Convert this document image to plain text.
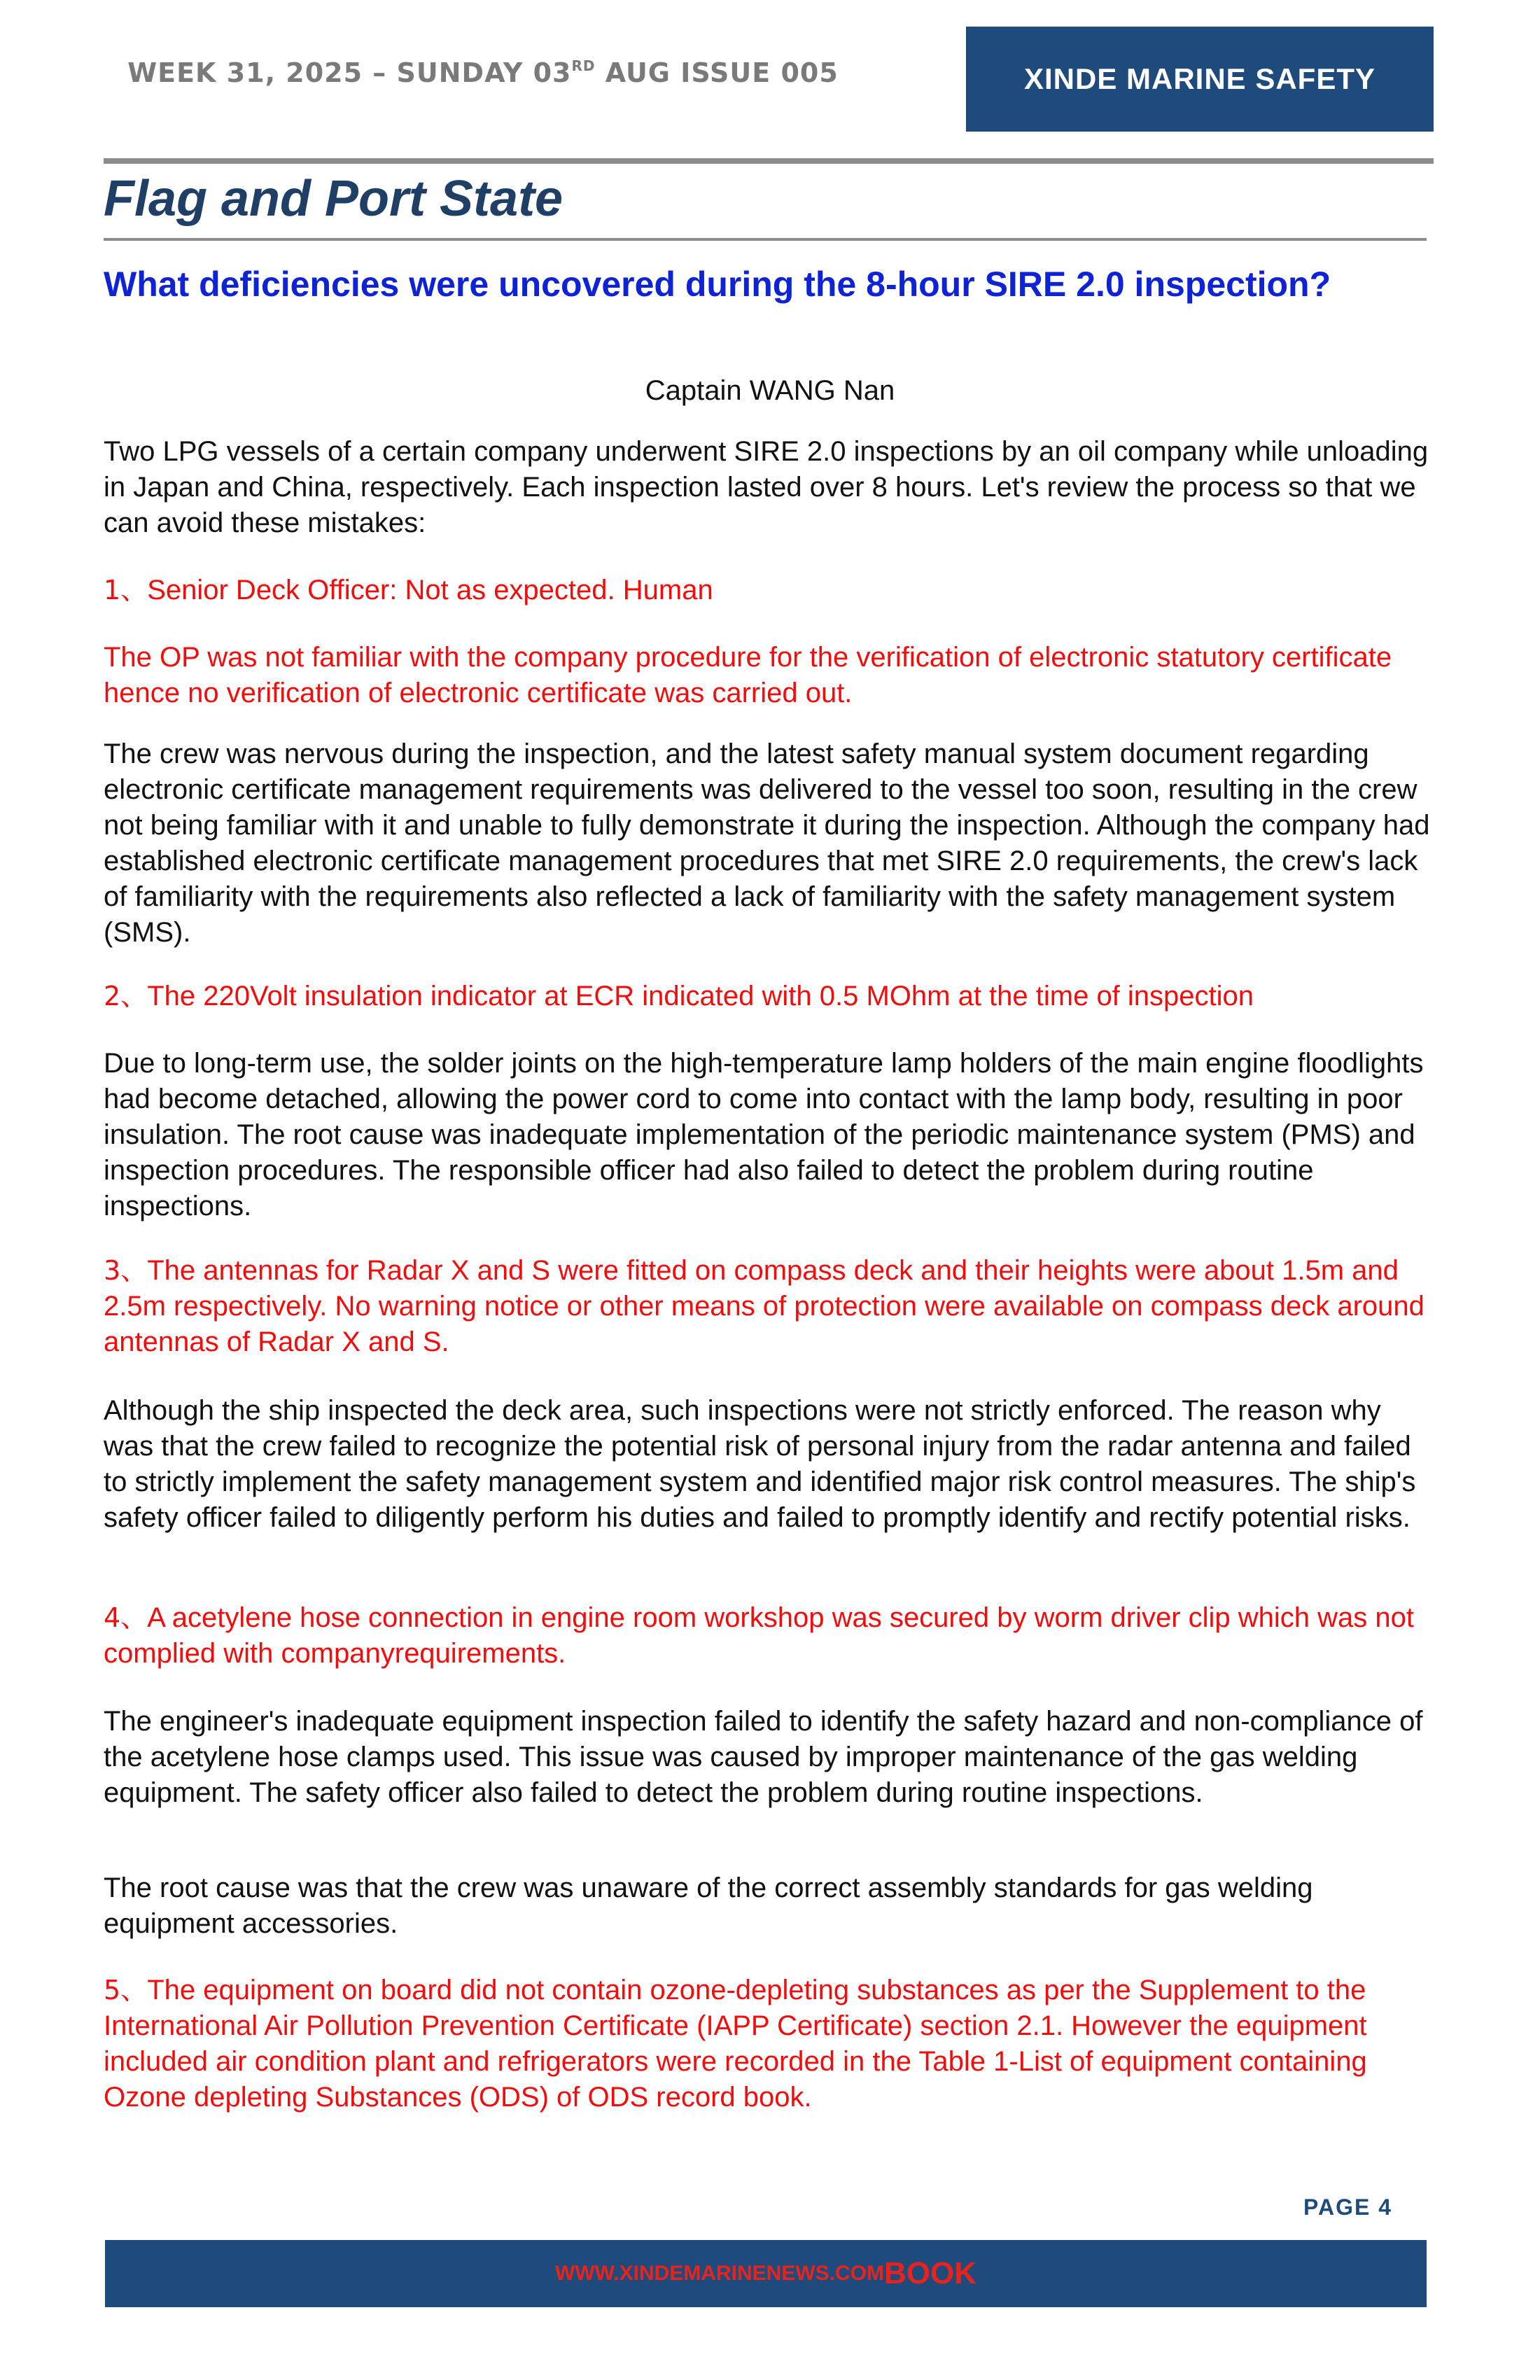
WEEK 31, 2025 – SUNDAY 03RD AUG ISSUE 005	XINDE MARINE SAFETY
Flag and Port State
What deficiencies were uncovered during the 8-hour SIRE 2.0 inspection?
Captain WANG Nan
Two LPG vessels of a certain company underwent SIRE 2.0 inspections by an oil company while unloading in Japan and China, respectively. Each inspection lasted over 8 hours. Let's review the process so that we can avoid these mistakes:
1、Senior Deck Officer: Not as expected. Human
The OP was not familiar with the company procedure for the verification of electronic statutory certificate hence no verification of electronic certificate was carried out.
The crew was nervous during the inspection, and the latest safety manual system document regarding electronic certificate management requirements was delivered to the vessel too soon, resulting in the crew not being familiar with it and unable to fully demonstrate it during the inspection. Although the company had established electronic certificate management procedures that met SIRE 2.0 requirements, the crew's lack of familiarity with the requirements also reflected a lack of familiarity with the safety management system (SMS).
2、The 220Volt insulation indicator at ECR indicated with 0.5 MOhm at the time of inspection
Due to long-term use, the solder joints on the high-temperature lamp holders of the main engine floodlights had become detached, allowing the power cord to come into contact with the lamp body, resulting in poor insulation. The root cause was inadequate implementation of the periodic maintenance system (PMS) and inspection procedures. The responsible officer had also failed to detect the problem during routine inspections.
3、The antennas for Radar X and S were fitted on compass deck and their heights were about 1.5m and 2.5m respectively. No warning notice or other means of protection were available on compass deck around antennas of Radar X and S.
Although the ship inspected the deck area, such inspections were not strictly enforced. The reason why was that the crew failed to recognize the potential risk of personal injury from the radar antenna and failed to strictly implement the safety management system and identified major risk control measures. The ship's safety officer failed to diligently perform his duties and failed to promptly identify and rectify potential risks.
4、A acetylene hose connection in engine room workshop was secured by worm driver clip which was not complied with companyrequirements.
The engineer's inadequate equipment inspection failed to identify the safety hazard and non-compliance of the acetylene hose clamps used. This issue was caused by improper maintenance of the gas welding equipment. The safety officer also failed to detect the problem during routine inspections.
The root cause was that the crew was unaware of the correct assembly standards for gas welding equipment accessories.
5、The equipment on board did not contain ozone-depleting substances as per the Supplement to the International Air Pollution Prevention Certificate (IAPP Certificate) section 2.1. However the equipment included air condition plant and refrigerators were recorded in the Table 1-List of equipment containing Ozone depleting Substances (ODS) of ODS record book.
PAGE 4
WWW.XINDEMARINENEWS.COM BOOK
